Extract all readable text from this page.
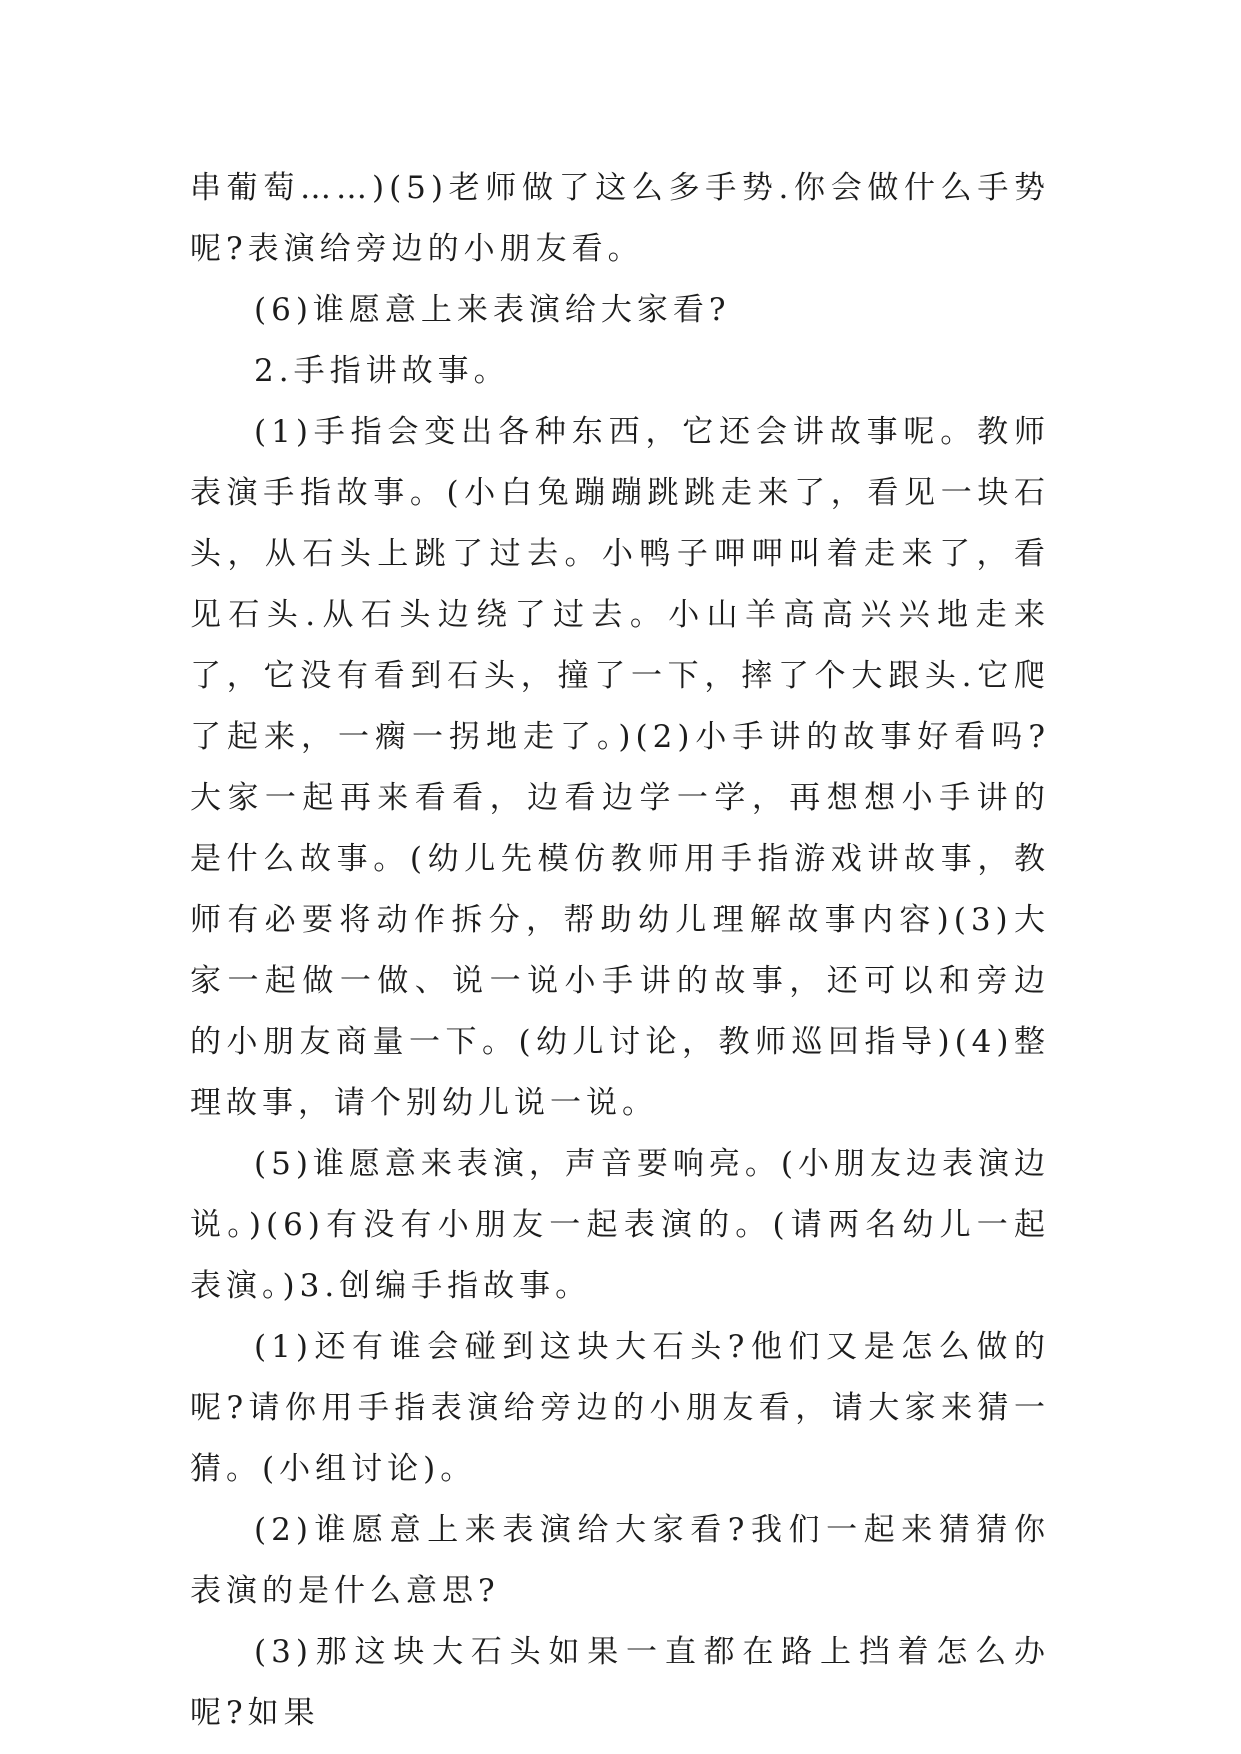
串葡萄……)(5)老师做了这么多手势.你会做什么手势呢?表演给旁边的小朋友看。

(6)谁愿意上来表演给大家看?

2.手指讲故事。

(1)手指会变出各种东西，它还会讲故事呢。教师表演手指故事。(小白兔蹦蹦跳跳走来了，看见一块石头，从石头上跳了过去。小鸭子呷呷叫着走来了，看见石头.从石头边绕了过去。小山羊高高兴兴地走来了，它没有看到石头，撞了一下，摔了个大跟头.它爬了起来，一瘸一拐地走了。)(2)小手讲的故事好看吗?大家一起再来看看，边看边学一学，再想想小手讲的是什么故事。(幼儿先模仿教师用手指游戏讲故事，教师有必要将动作拆分，帮助幼儿理解故事内容)(3)大家一起做一做、说一说小手讲的故事，还可以和旁边的小朋友商量一下。(幼儿讨论，教师巡回指导)(4)整理故事，请个别幼儿说一说。

(5)谁愿意来表演，声音要响亮。(小朋友边表演边说。)(6)有没有小朋友一起表演的。(请两名幼儿一起表演。)3.创编手指故事。

(1)还有谁会碰到这块大石头?他们又是怎么做的呢?请你用手指表演给旁边的小朋友看，请大家来猜一猜。(小组讨论)。

(2)谁愿意上来表演给大家看?我们一起来猜猜你表演的是什么意思?

(3)那这块大石头如果一直都在路上挡着怎么办呢?如果
